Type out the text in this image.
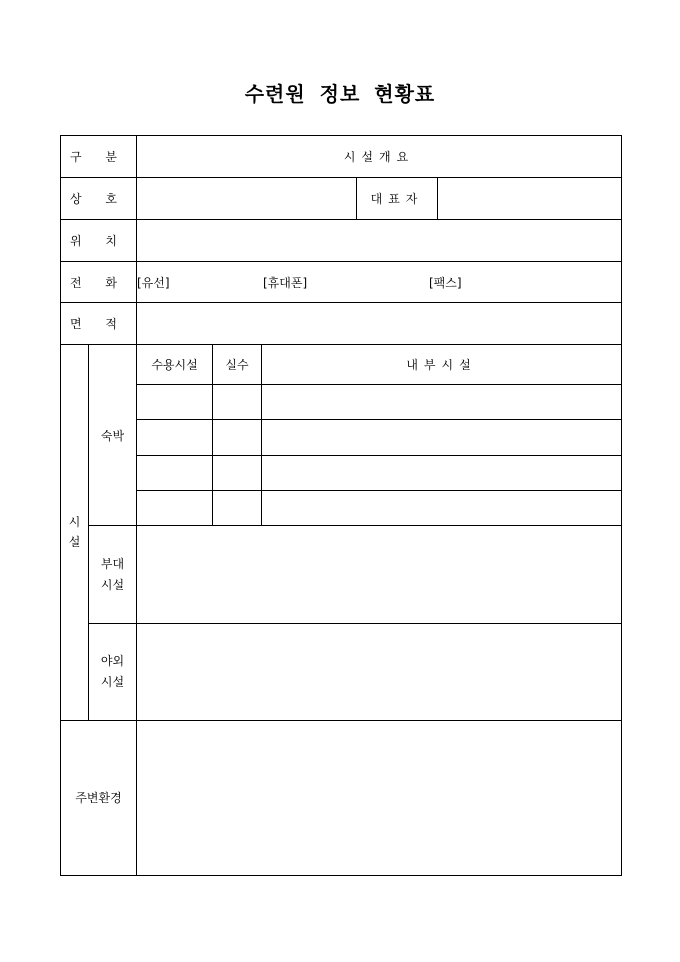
수련원 정보 현황표
구 분		시설개요				
상 호					대표자	
위 치						
전 화		[유선] [휴대폰] [팩스]				
면 적						
시
설	숙박	수용시설	실수	내부시설		

	부대
시설					
	야외
시설					
주변환경						
